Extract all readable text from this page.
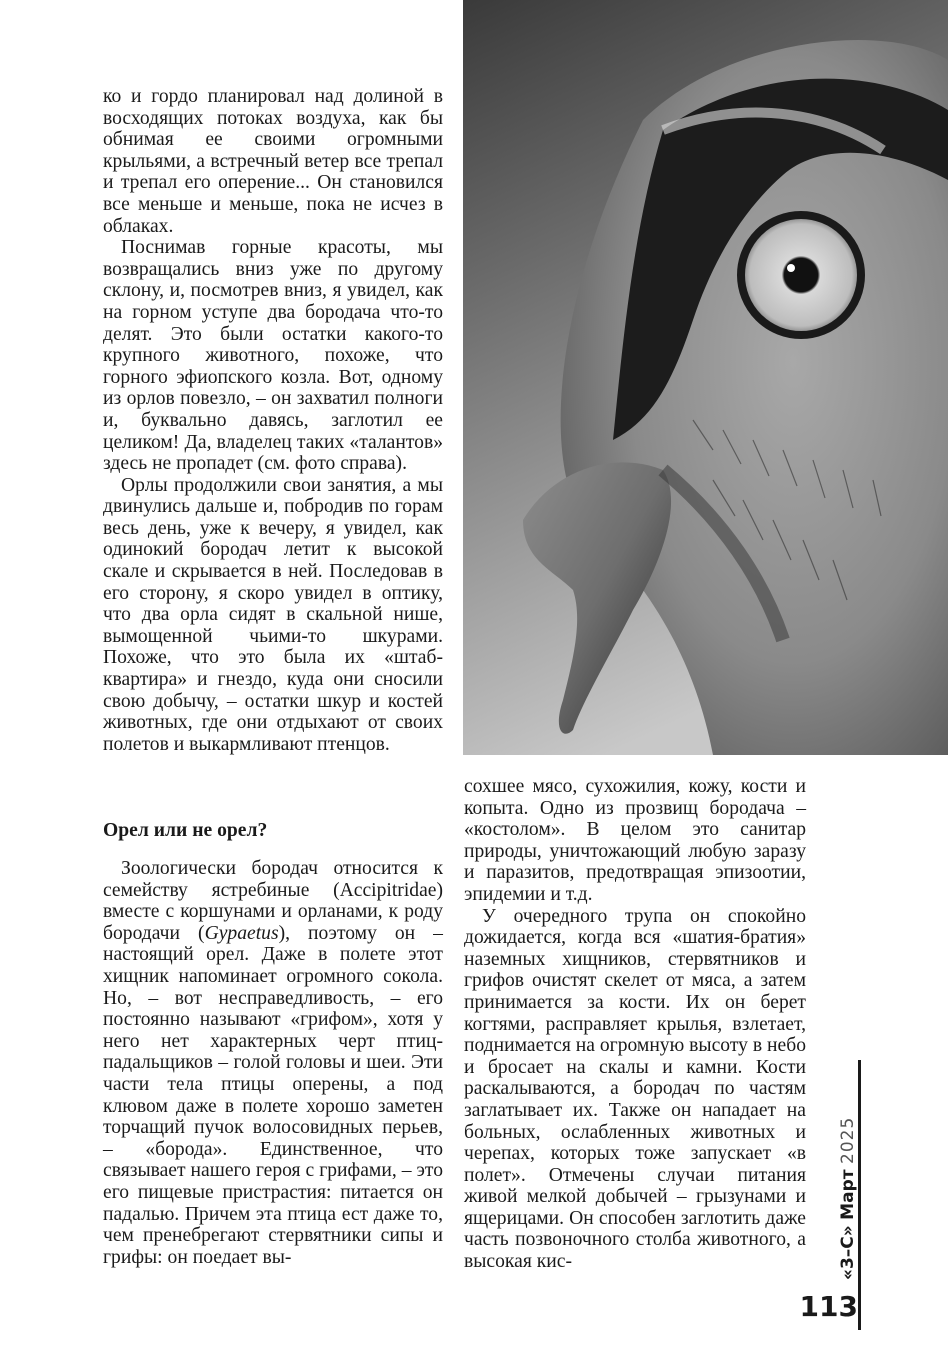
ко и гордо планировал над долиной в восходящих потоках воздуха, как бы обнимая ее своими огромными крыльями, а встречный ветер все трепал и трепал его оперение... Он становился все меньше и меньше, пока не исчез в облаках.

Поснимав горные красоты, мы возвращались вниз уже по другому склону, и, посмотрев вниз, я увидел, как на горном уступе два бородача что-то делят. Это были остатки какого-то крупного животного, похоже, что горного эфиопского козла. Вот, одному из орлов повезло, – он захватил полноги и, буквально давясь, заглотил ее целиком! Да, владелец таких «талантов» здесь не пропадет (см. фото справа).

Орлы продолжили свои занятия, а мы двинулись дальше и, побродив по горам весь день, уже к вечеру, я увидел, как одинокий бородач летит к высокой скале и скрывается в ней. Последовав в его сторону, я скоро увидел в оптику, что два орла сидят в скальной нише, вымощенной чьими-то шкурами. Похоже, что это была их «штаб-квартира» и гнездо, куда они сносили свою добычу, – остатки шкур и костей животных, где они отдыхают от своих полетов и выкармливают птенцов.

Орел или не орел?

Зоологически бородач относится к семейству ястребиные (Accipitridae) вместе с коршунами и орланами, к роду бородачи (Gypaetus), поэтому он – настоящий орел. Даже в полете этот хищник напоминает огромного сокола. Но, – вот несправедливость, – его постоянно называют «грифом», хотя у него нет характерных черт птиц-падальщиков – голой головы и шеи. Эти части тела птицы оперены, а под клювом даже в полете хорошо заметен торчащий пучок волосовидных перьев, – «борода». Единственное, что связывает нашего героя с грифами, – это его пищевые пристрастия: питается он падалью. Причем эта птица ест даже то, чем пренебрегают стервятники сипы и грифы: он поедает вы-

сохшее мясо, сухожилия, кожу, кости и копыта. Одно из прозвищ бородача – «костолом». В целом это санитар природы, уничтожающий любую заразу и паразитов, предотвращая эпизоотии, эпидемии и т.д.

У очередного трупа он спокойно дожидается, когда вся «шатия-братия» наземных хищников, стервятников и грифов очистят скелет от мяса, а затем принимается за кости. Их он берет когтями, расправляет крылья, взлетает, поднимается на огромную высоту в небо и бросает на скалы и камни. Кости раскалываются, а бородач по частям заглатывает их. Также он нападает на больных, ослабленных животных и черепах, которых тоже запускает «в полет». Отмечены случаи питания живой мелкой добычей – грызунами и ящерицами. Он способен заглотить даже часть позвоночного столба животного, а высокая кис-	«3–С» Март 2025
113
